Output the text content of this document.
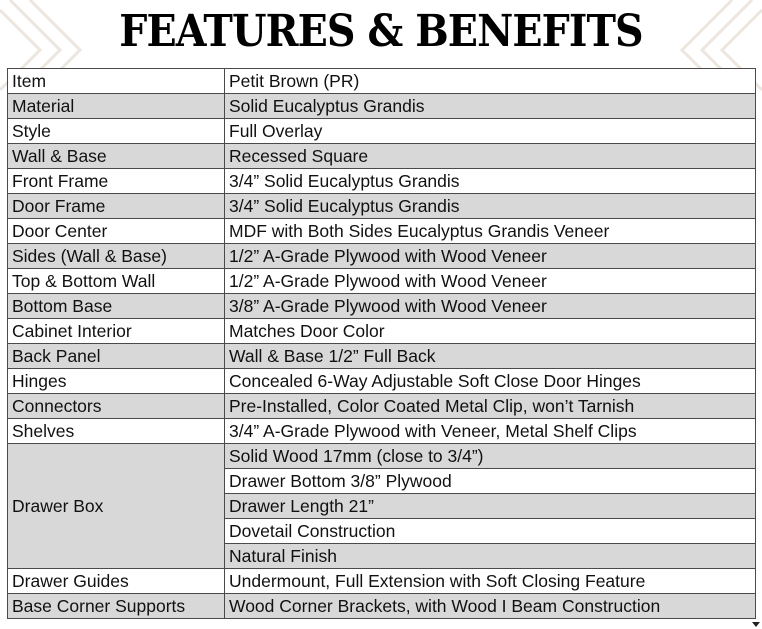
FEATURES & BENEFITS
Item	Petit Brown (PR)
Material	Solid Eucalyptus Grandis
Style	Full Overlay
Wall & Base	Recessed Square
Front Frame	3/4” Solid Eucalyptus Grandis
Door Frame	3/4” Solid Eucalyptus Grandis
Door Center	MDF with Both Sides Eucalyptus Grandis Veneer
Sides (Wall & Base)	1/2” A-Grade Plywood with Wood Veneer
Top & Bottom Wall	1/2” A-Grade Plywood with Wood Veneer
Bottom Base	3/8” A-Grade Plywood with Wood Veneer
Cabinet Interior	Matches Door Color
Back Panel	Wall & Base 1/2” Full Back
Hinges	Concealed 6-Way Adjustable Soft Close Door Hinges
Connectors	Pre-Installed, Color Coated Metal Clip, won’t Tarnish
Shelves	3/4” A-Grade Plywood with Veneer, Metal Shelf Clips
Drawer Box	Solid Wood 17mm (close to 3/4”)
	Drawer Bottom 3/8” Plywood
	Drawer Length 21”
	Dovetail Construction
	Natural Finish
Drawer Guides	Undermount, Full Extension with Soft Closing Feature
Base Corner Supports	Wood Corner Brackets, with Wood I Beam Construction
